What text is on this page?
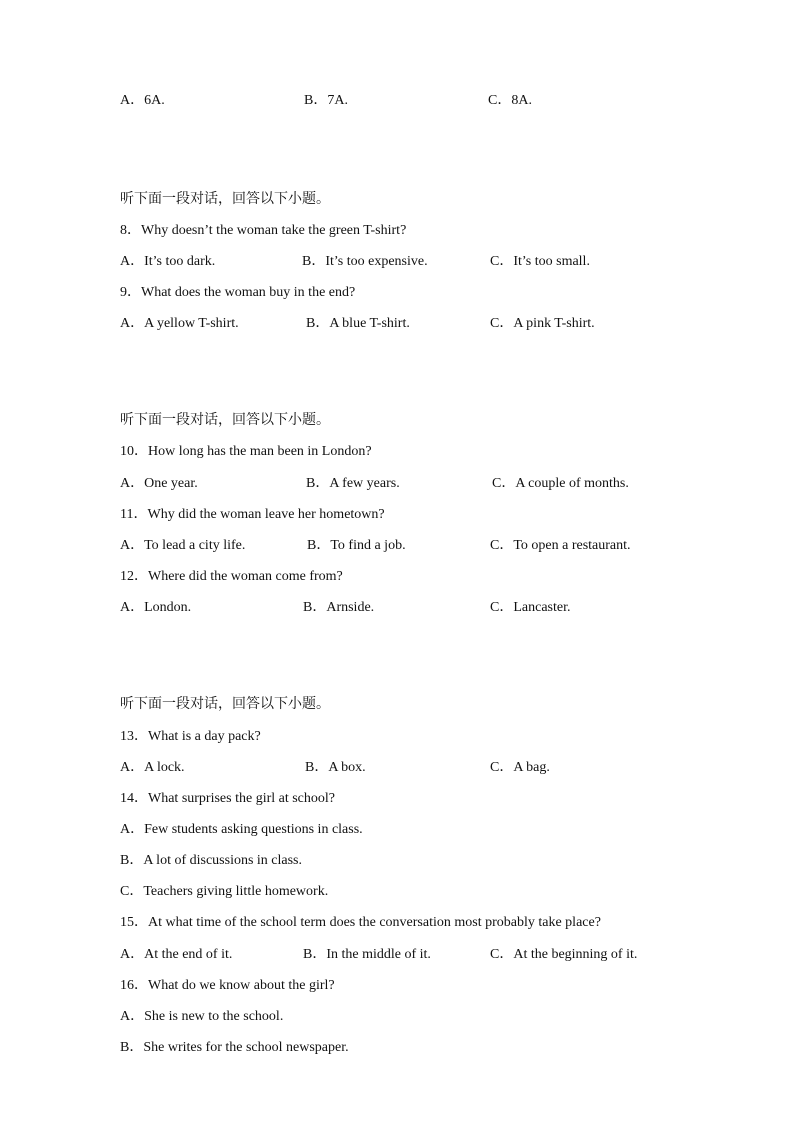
A．6A.	B．7A.	C．8A.
听下面一段对话，回答以下小题。
8．Why doesn’t the woman take the green T-shirt?
A．It’s too dark.	B．It’s too expensive.	C．It’s too small.
9．What does the woman buy in the end?
A．A yellow T-shirt.	B．A blue T-shirt.	C．A pink T-shirt.
听下面一段对话，回答以下小题。
10．How long has the man been in London?
A．One year.	B．A few years.	C．A couple of months.
11．Why did the woman leave her hometown?
A．To lead a city life.	B．To find a job.	C．To open a restaurant.
12．Where did the woman come from?
A．London.	B．Arnside.	C．Lancaster.
听下面一段对话，回答以下小题。
13．What is a day pack?
A．A lock.	B．A box.	C．A bag.
14．What surprises the girl at school?
A．Few students asking questions in class.
B．A lot of discussions in class.
C．Teachers giving little homework.
15．At what time of the school term does the conversation most probably take place?
A．At the end of it.	B．In the middle of it.	C．At the beginning of it.
16．What do we know about the girl?
A．She is new to the school.
B．She writes for the school newspaper.
